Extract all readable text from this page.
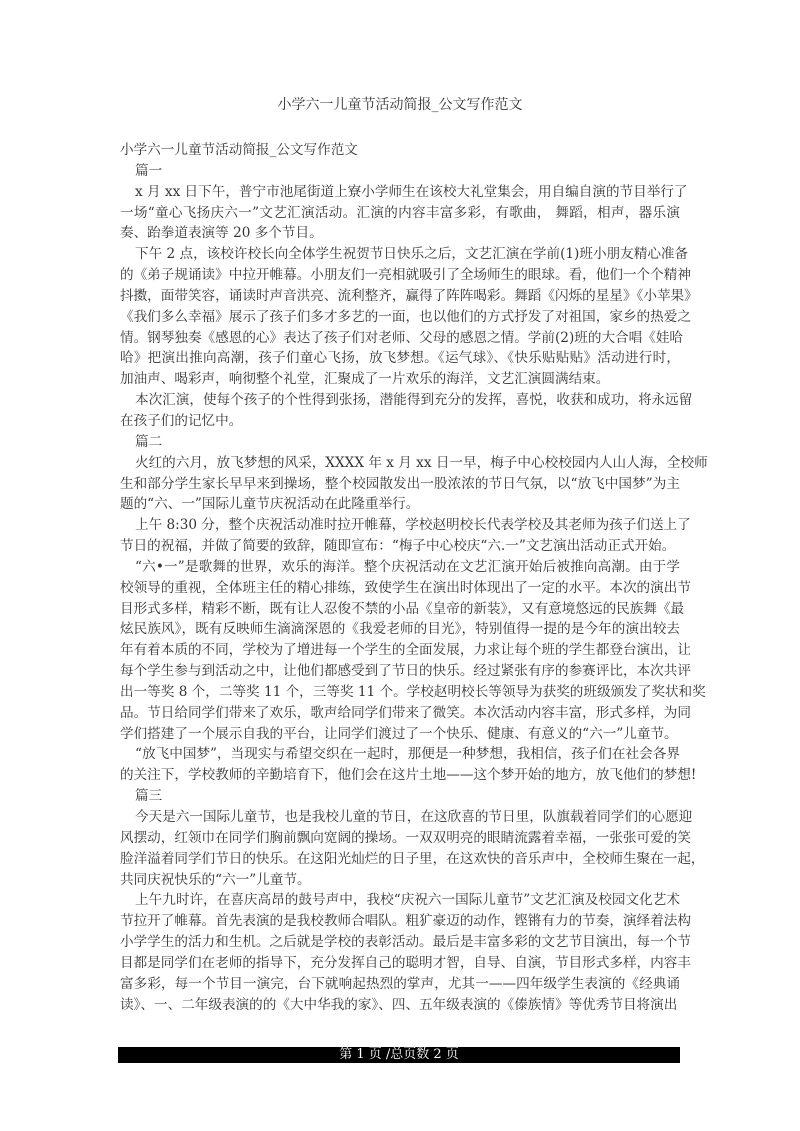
小学六一儿童节活动简报_公文写作范文
小学六一儿童节活动简报_公文写作范文
篇一
x 月 xx 日下午，普宁市池尾街道上寮小学师生在该校大礼堂集会，用自编自演的节目举行了
一场“童心飞扬庆六一”文艺汇演活动。汇演的内容丰富多彩，有歌曲， 舞蹈，相声，器乐演
奏、跆拳道表演等 20 多个节目。
下午 2 点，该校许校长向全体学生祝贺节日快乐之后，文艺汇演在学前(1)班小朋友精心准备
的《弟子规诵读》中拉开帷幕。小朋友们一亮相就吸引了全场师生的眼球。看，他们一个个精神
抖擞，面带笑容，诵读时声音洪亮、流利整齐，赢得了阵阵喝彩。舞蹈《闪烁的星星》《小苹果》
《我们多么幸福》展示了孩子们多才多艺的一面，也以他们的方式抒发了对祖国，家乡的热爱之
情。钢琴独奏《感恩的心》表达了孩子们对老师、父母的感恩之情。学前(2)班的大合唱《娃哈
哈》把演出推向高潮，孩子们童心飞扬，放飞梦想。《运气球》、《快乐贴贴贴》活动进行时，
加油声、喝彩声，响彻整个礼堂，汇聚成了一片欢乐的海洋，文艺汇演圆满结束。
本次汇演，使每个孩子的个性得到张扬，潜能得到充分的发挥，喜悦，收获和成功，将永远留
在孩子们的记忆中。
篇二
火红的六月，放飞梦想的风采，XXXX 年 x 月 xx 日一早，梅子中心校校园内人山人海，全校师
生和部分学生家长早早来到操场，整个校园散发出一股浓浓的节日气氛，以“放飞中国梦”为主
题的“六、一”国际儿童节庆祝活动在此隆重举行。
上午 8:30 分，整个庆祝活动准时拉开帷幕，学校赵明校长代表学校及其老师为孩子们送上了
节日的祝福，并做了简要的致辞，随即宣布：“梅子中心校庆“六.一”文艺演出活动正式开始。
“六•一”是歌舞的世界，欢乐的海洋。整个庆祝活动在文艺汇演开始后被推向高潮。由于学
校领导的重视，全体班主任的精心排练，致使学生在演出时体现出了一定的水平。本次的演出节
目形式多样，精彩不断，既有让人忍俊不禁的小品《皇帝的新装》，又有意境悠远的民族舞《最
炫民族风》，既有反映师生滴滴深恩的《我爱老师的目光》，特别值得一提的是今年的演出较去
年有着本质的不同，学校为了增进每一个学生的全面发展，力求让每个班的学生都登台演出，让
每个学生参与到活动之中，让他们都感受到了节日的快乐。经过紧张有序的参赛评比，本次共评
出一等奖 8 个，二等奖 11 个，三等奖 11 个。学校赵明校长等领导为获奖的班级颁发了奖状和奖
品。节日给同学们带来了欢乐，歌声给同学们带来了微笑。本次活动内容丰富，形式多样，为同
学们搭建了一个展示自我的平台，让同学们渡过了一个快乐、健康、有意义的“六一”儿童节。
“放飞中国梦”，当现实与希望交织在一起时，那便是一种梦想，我相信，孩子们在社会各界
的关注下，学校教师的辛勤培育下，他们会在这片土地——这个梦开始的地方，放飞他们的梦想!
篇三
今天是六一国际儿童节，也是我校儿童的节日，在这欣喜的节日里，队旗载着同学们的心愿迎
风摆动，红领巾在同学们胸前飘向宽阔的操场。一双双明亮的眼睛流露着幸福，一张张可爱的笑
脸洋溢着同学们节日的快乐。在这阳光灿烂的日子里，在这欢快的音乐声中，全校师生聚在一起，
共同庆祝快乐的“六一”儿童节。
上午九时许，在喜庆高昂的鼓号声中，我校“庆祝六一国际儿童节”文艺汇演及校园文化艺术
节拉开了帷幕。首先表演的是我校教师合唱队。粗犷豪迈的动作，铿锵有力的节奏，演绎着法构
小学学生的活力和生机。之后就是学校的表彰活动。最后是丰富多彩的文艺节目演出，每一个节
目都是同学们在老师的指导下，充分发挥自己的聪明才智，自导、自演，节目形式多样，内容丰
富多彩，每一个节目一演完，台下就响起热烈的掌声，尤其一——四年级学生表演的《经典诵
读》、一、二年级表演的的《大中华我的家》、四、五年级表演的《傣族情》等优秀节目将演出
第 1 页 /总页数 2 页
